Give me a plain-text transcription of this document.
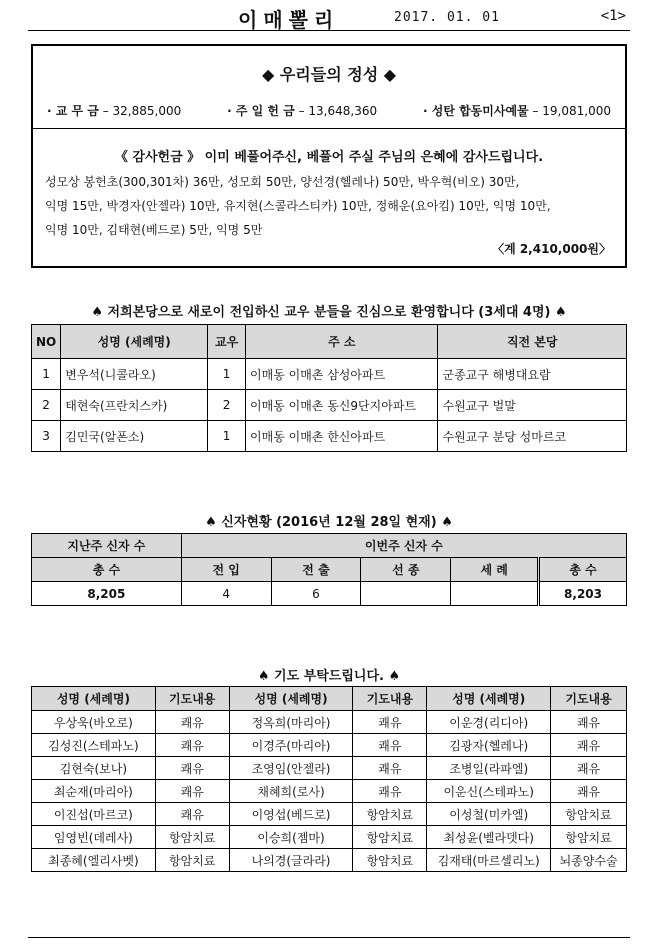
이매뽈리	2017. 01. 01	<1>
◆ 우리들의 정성 ◆
· 교 무 금 – 32,885,000	· 주 일 헌 금 – 13,648,360	· 성탄 합동미사예물 – 19,081,000
《 감사헌금 》 이미 베풀어주신, 베풀어 주실 주님의 은혜에 감사드립니다.
성모상 봉헌초(300,301차) 36만, 성모회 50만, 양선경(헬레나) 50만, 박우혁(비오) 30만,
익명 15만, 박경자(안젤라) 10만, 유지현(스콜라스티카) 10만, 정해운(요아킴) 10만, 익명 10만,
익명 10만, 김태현(베드로) 5만, 익명 5만
〈계 2,410,000원〉
♠ 저희본당으로 새로이 전입하신 교우 분들을 진심으로 환영합니다 (3세대 4명) ♠
NO	성명 (세례명)	교우	주 소	직전 본당
1	변우석(니콜라오)	1	이매동 이매촌 삼성아파트	군종교구 해병대요람
2	태현숙(프란치스카)	2	이매동 이매촌 동신9단지아파트	수원교구 벌말
3	김민국(알폰소)	1	이매동 이매촌 한신아파트	수원교구 분당 성마르코
♠ 신자현황 (2016년 12월 28일 현재) ♠
지난주 신자 수	이번주 신자 수				
총 수	전 입	전 출	선 종	세 례	총 수
8,205	4	6			8,203
♠ 기도 부탁드립니다. ♠
성명 (세례명)	기도내용	성명 (세례명)	기도내용	성명 (세례명)	기도내용
우상욱(바오로)	쾌유	정옥희(마리아)	쾌유	이운경(리디아)	쾌유
김성진(스테파노)	쾌유	이경주(마리아)	쾌유	김광자(헬레나)	쾌유
김현숙(보나)	쾌유	조영임(안젤라)	쾌유	조병일(라파엘)	쾌유
최순재(마리아)	쾌유	채혜희(로사)	쾌유	이운신(스테파노)	쾌유
이진섭(마르코)	쾌유	이영섭(베드로)	항암치료	이성철(미카엘)	항암치료
임영빈(데레사)	항암치료	이승희(젬마)	항암치료	최성윤(벨라뎃다)	항암치료
최종혜(엘리사벳)	항암치료	나의경(글라라)	항암치료	김재태(마르셀리노)	뇌종양수술
